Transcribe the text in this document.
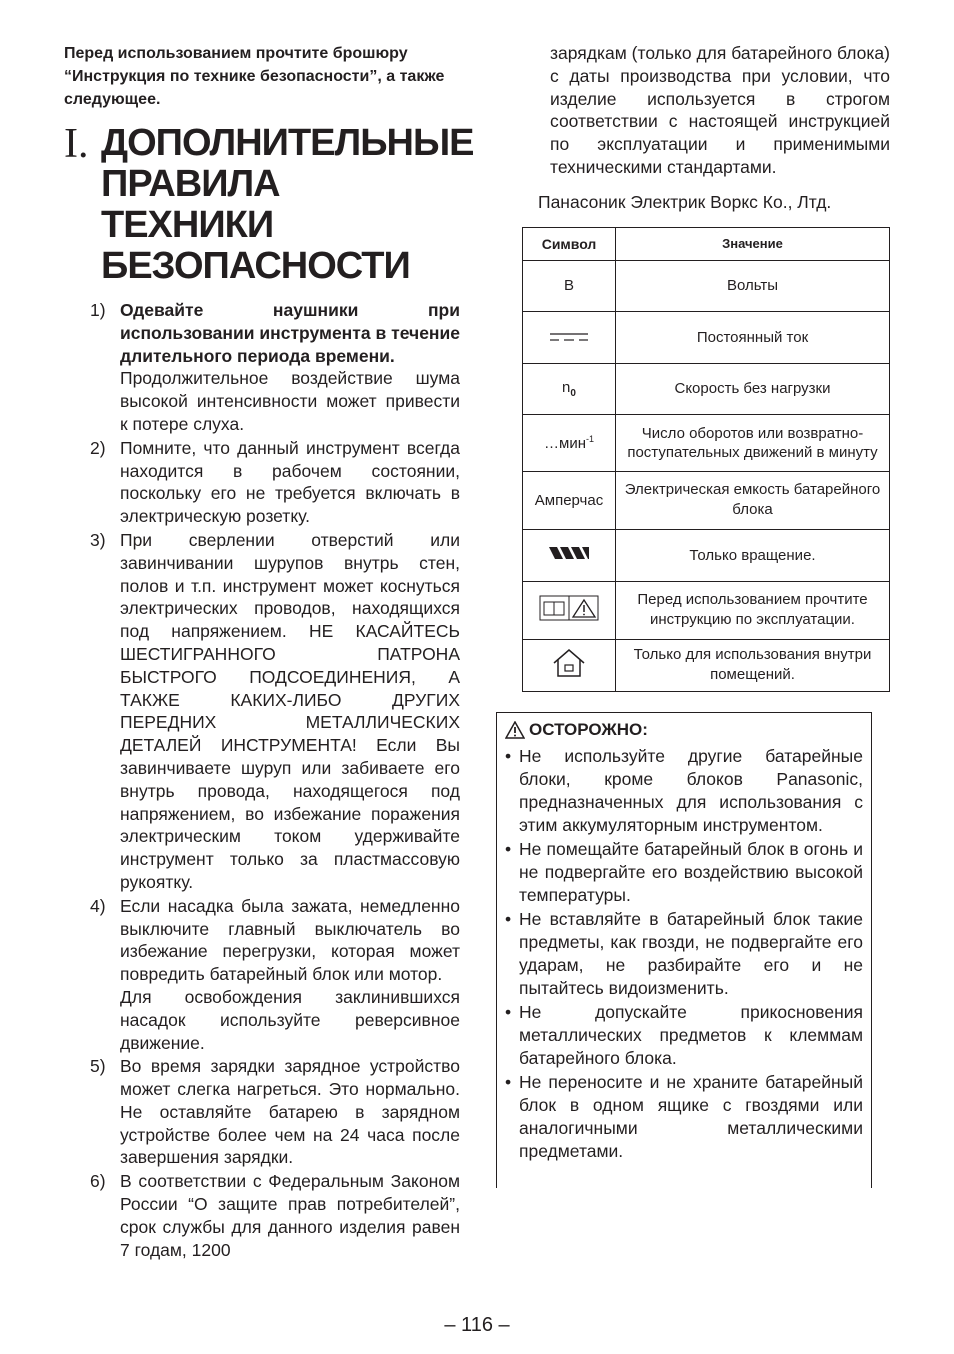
Перед использованием прочтите брошюру “Инструкция по технике безопасности”, а также следующее.

I. ДОПОЛНИТЕЛЬНЫЕ
ПРАВИЛА ТЕХНИКИ
БЕЗОПАСНОСТИ
1) Одевайте наушники при использовании инструмента в течение длительного периода времени.

Продолжительное воздействие шума высокой интенсивности может привести к потере слуха.

2) Помните, что данный инструмент всегда находится в рабочем состоянии, поскольку его не требуется включать в электрическую розетку.

3) При сверлении отверстий или завинчивании шурупов внутрь стен, полов и т.п. инструмент может коснуться электрических проводов, находящихся под напряжением. НЕ КАСАЙТЕСЬ ШЕСТИГРАННОГО ПАТРОНА БЫСТРОГО ПОДСОЕДИНЕНИЯ, А ТАКЖЕ КАКИХ-ЛИБО ДРУГИХ ПЕРЕДНИХ МЕТАЛЛИЧЕСКИХ ДЕТАЛЕЙ ИНСТРУМЕНТА! Если Вы завинчиваете шуруп или забиваете его внутрь провода, находящегося под напряжением, во избежание поражения электрическим током удерживайте инструмент только за пластмассовую рукоятку.

4) Если насадка была зажата, немедленно выключите главный выключатель во избежание перегрузки, которая может повредить батарейный блок или мотор.

Для освобождения заклинившихся насадок используйте реверсивное движение.

5) Во время зарядки зарядное устройство может слегка нагреться. Это нормально. Не оставляйте батарею в зарядном устройстве более чем на 24 часа после завершения зарядки.

6) В соответствии с Федеральным Законом России “О защите прав потребителей”, срок службы для данного изделия равен 7 годам, 1200

зарядкам (только для батарейного блока) с даты производства при условии, что изделие используется в строгом соответствии с настоящей инструкцией по эксплуатации и применимыми техническими стандартами.

Панасоник Электрик Воркс Ко., Лтд.

Символ	Значение
В	Вольты
	Постоянный ток
$n_0$	Скорость без нагрузки
…мин$^{-1}$	Число оборотов или возвратно-поступательных движений в минуту
Амперчас	Электрическая емкость батарейного блока
	Только вращение.
	Перед использованием прочтите инструкцию по эксплуатации.
	Только для использования внутри помещений.
ОСТОРОЖНО:
• Не используйте другие батарейные блоки, кроме блоков Panasonic, предназначенных для использования с этим аккумуляторным инструментом.
• Не помещайте батарейный блок в огонь и не подвергайте его воздействию высокой температуры.
• Не вставляйте в батарейный блок такие предметы, как гвозди, не подвергайте его ударам, не разбирайте его и не пытайтесь видоизменить.
• Не допускайте прикосновения металлических предметов к клеммам батарейного блока.
• Не переносите и не храните батарейный блок в одном ящике с гвоздями или аналогичными металлическими предметами.
– 116 –
